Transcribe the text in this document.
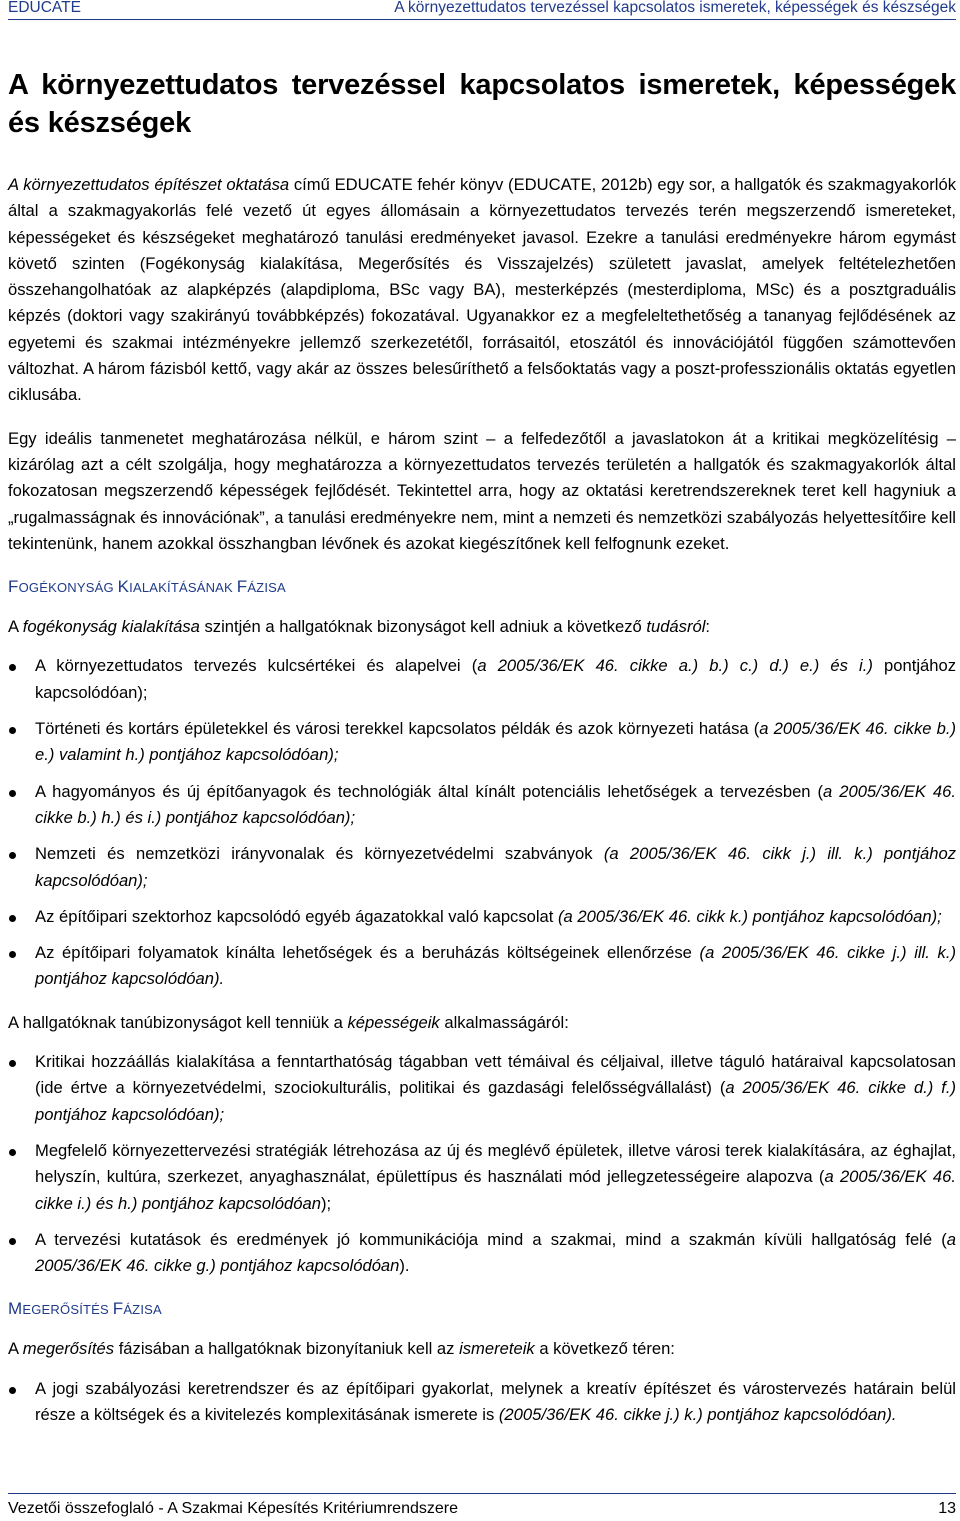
EDUCATE	A környezettudatos tervezéssel kapcsolatos ismeretek, képességek és készségek
A környezettudatos tervezéssel kapcsolatos ismeretek, képességek és készségek

A környezettudatos építészet oktatása című EDUCATE fehér könyv (EDUCATE, 2012b) egy sor, a hallgatók és szakmagyakorlók által a szakmagyakorlás felé vezető út egyes állomásain a környezettudatos tervezés terén megszerzendő ismereteket, képességeket és készségeket meghatározó tanulási eredményeket javasol. Ezekre a tanulási eredményekre három egymást követő szinten (Fogékonyság kialakítása, Megerősítés és Visszajelzés) született javaslat, amelyek feltételezhetően összehangolhatóak az alapképzés (alapdiploma, BSc vagy BA), mesterképzés (mesterdiploma, MSc) és a posztgraduális képzés (doktori vagy szakirányú továbbképzés) fokozatával. Ugyanakkor ez a megfeleltethetőség a tananyag fejlődésének az egyetemi és szakmai intézményekre jellemző szerkezetétől, forrásaitól, etoszától és innovációjától függően számottevően változhat. A három fázisból kettő, vagy akár az összes belesűríthető a felsőoktatás vagy a poszt-professzionális oktatás egyetlen ciklusába.

Egy ideális tanmenetet meghatározása nélkül, e három szint – a felfedezőtől a javaslatokon át a kritikai megközelítésig – kizárólag azt a célt szolgálja, hogy meghatározza a környezettudatos tervezés területén a hallgatók és szakmagyakorlók által fokozatosan megszerzendő képességek fejlődését. Tekintettel arra, hogy az oktatási keretrendszereknek teret kell hagyniuk a „rugalmasságnak és innovációnak”, a tanulási eredményekre nem, mint a nemzeti és nemzetközi szabályozás helyettesítőire kell tekintenünk, hanem azokkal összhangban lévőnek és azokat kiegészítőnek kell felfognunk ezeket.

FOGÉKONYSÁG KIALAKÍTÁSÁNAK FÁZISA

A fogékonyság kialakítása szintjén a hallgatóknak bizonyságot kell adniuk a következő tudásról:

A környezettudatos tervezés kulcsértékei és alapelvei (a 2005/36/EK 46. cikke a.) b.) c.) d.) e.) és i.) pontjához kapcsolódóan);
Történeti és kortárs épületekkel és városi terekkel kapcsolatos példák és azok környezeti hatása (a 2005/36/EK 46. cikke b.) e.) valamint h.) pontjához kapcsolódóan);
A hagyományos és új építőanyagok és technológiák által kínált potenciális lehetőségek a tervezésben (a 2005/36/EK 46. cikke b.) h.) és i.) pontjához kapcsolódóan);
Nemzeti és nemzetközi irányvonalak és környezetvédelmi szabványok (a 2005/36/EK 46. cikk j.) ill. k.) pontjához kapcsolódóan);
Az építőipari szektorhoz kapcsolódó egyéb ágazatokkal való kapcsolat (a 2005/36/EK 46. cikk k.) pontjához kapcsolódóan);
Az építőipari folyamatok kínálta lehetőségek és a beruházás költségeinek ellenőrzése (a 2005/36/EK 46. cikke j.) ill. k.) pontjához kapcsolódóan).

A hallgatóknak tanúbizonyságot kell tenniük a képességeik alkalmasságáról:

Kritikai hozzáállás kialakítása a fenntarthatóság tágabban vett témáival és céljaival, illetve táguló határaival kapcsolatosan (ide értve a környezetvédelmi, szociokulturális, politikai és gazdasági felelősségvállalást) (a 2005/36/EK 46. cikke d.) f.) pontjához kapcsolódóan);
Megfelelő környezettervezési stratégiák létrehozása az új és meglévő épületek, illetve városi terek kialakítására, az éghajlat, helyszín, kultúra, szerkezet, anyaghasználat, épülettípus és használati mód jellegzetességeire alapozva (a 2005/36/EK 46. cikke i.) és h.) pontjához kapcsolódóan);
A tervezési kutatások és eredmények jó kommunikációja mind a szakmai, mind a szakmán kívüli hallgatóság felé (a 2005/36/EK 46. cikke g.) pontjához kapcsolódóan).
MEGERŐSÍTÉS FÁZISA

A megerősítés fázisában a hallgatóknak bizonyítaniuk kell az ismereteik a következő téren:

A jogi szabályozási keretrendszer és az építőipari gyakorlat, melynek a kreatív építészet és várostervezés határain belül része a költségek és a kivitelezés komplexitásának ismerete is (2005/36/EK 46. cikke j.) k.) pontjához kapcsolódóan).
Vezetői összefoglaló - A Szakmai Képesítés Kritériumrendszere	13
